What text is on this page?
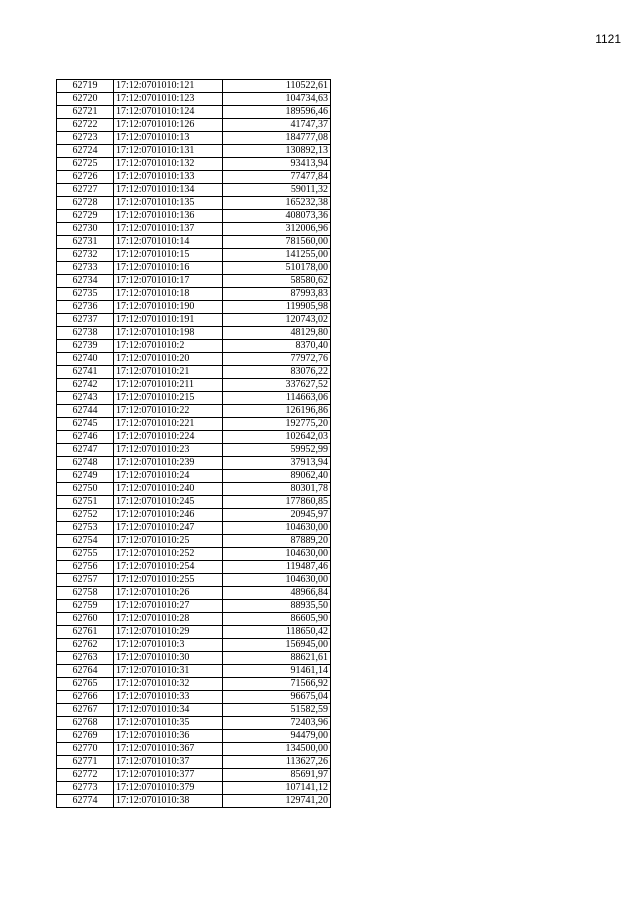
1121
62719	17:12:0701010:121	110522,61
62720	17:12:0701010:123	104734,63
62721	17:12:0701010:124	189596,46
62722	17:12:0701010:126	41747,37
62723	17:12:0701010:13	184777,08
62724	17:12:0701010:131	130892,13
62725	17:12:0701010:132	93413,94
62726	17:12:0701010:133	77477,84
62727	17:12:0701010:134	59011,32
62728	17:12:0701010:135	165232,38
62729	17:12:0701010:136	408073,36
62730	17:12:0701010:137	312006,96
62731	17:12:0701010:14	781560,00
62732	17:12:0701010:15	141255,00
62733	17:12:0701010:16	510178,00
62734	17:12:0701010:17	58580,62
62735	17:12:0701010:18	87993,83
62736	17:12:0701010:190	119905,98
62737	17:12:0701010:191	120743,02
62738	17:12:0701010:198	48129,80
62739	17:12:0701010:2	8370,40
62740	17:12:0701010:20	77972,76
62741	17:12:0701010:21	83076,22
62742	17:12:0701010:211	337627,52
62743	17:12:0701010:215	114663,06
62744	17:12:0701010:22	126196,86
62745	17:12:0701010:221	192775,20
62746	17:12:0701010:224	102642,03
62747	17:12:0701010:23	59952,99
62748	17:12:0701010:239	37913,94
62749	17:12:0701010:24	89062,40
62750	17:12:0701010:240	80301,78
62751	17:12:0701010:245	177860,85
62752	17:12:0701010:246	20945,97
62753	17:12:0701010:247	104630,00
62754	17:12:0701010:25	87889,20
62755	17:12:0701010:252	104630,00
62756	17:12:0701010:254	119487,46
62757	17:12:0701010:255	104630,00
62758	17:12:0701010:26	48966,84
62759	17:12:0701010:27	88935,50
62760	17:12:0701010:28	86605,90
62761	17:12:0701010:29	118650,42
62762	17:12:0701010:3	156945,00
62763	17:12:0701010:30	88621,61
62764	17:12:0701010:31	91461,14
62765	17:12:0701010:32	71566,92
62766	17:12:0701010:33	96675,04
62767	17:12:0701010:34	51582,59
62768	17:12:0701010:35	72403,96
62769	17:12:0701010:36	94479,00
62770	17:12:0701010:367	134500,00
62771	17:12:0701010:37	113627,26
62772	17:12:0701010:377	85691,97
62773	17:12:0701010:379	107141,12
62774	17:12:0701010:38	129741,20
